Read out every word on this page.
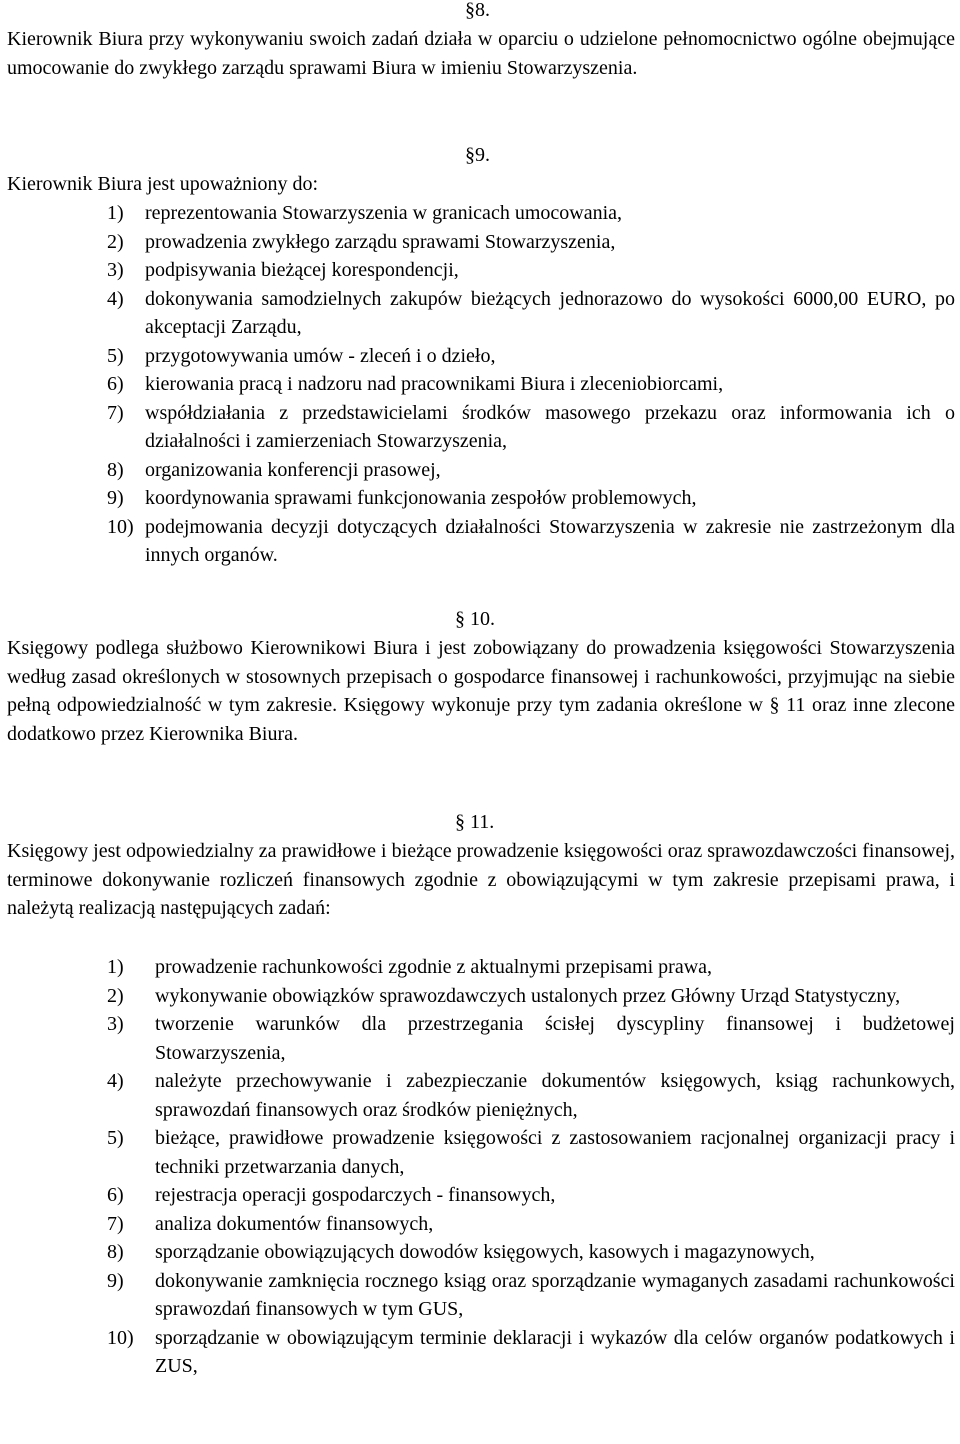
§8.
Kierownik Biura przy wykonywaniu swoich zadań działa w oparciu o udzielone pełnomocnictwo ogólne obejmujące umocowanie do zwykłego zarządu sprawami Biura w imieniu Stowarzyszenia.
§9.
Kierownik Biura jest upoważniony do:
1)	reprezentowania Stowarzyszenia w granicach umocowania,
2)	prowadzenia zwykłego zarządu sprawami Stowarzyszenia,
3)	podpisywania bieżącej korespondencji,
4)	dokonywania samodzielnych zakupów bieżących jednorazowo do wysokości 6000,00 EURO, po akceptacji Zarządu,
5)	przygotowywania umów - zleceń i o dzieło,
6)	kierowania pracą i nadzoru nad pracownikami Biura i zleceniobiorcami,
7)	współdziałania z przedstawicielami środków masowego przekazu oraz informowania ich o działalności i zamierzeniach Stowarzyszenia,
8)	organizowania konferencji prasowej,
9)	koordynowania sprawami funkcjonowania zespołów problemowych,
10) podejmowania decyzji dotyczących działalności Stowarzyszenia w zakresie nie zastrzeżonym dla innych organów.
§ 10.
Księgowy podlega służbowo Kierownikowi Biura i jest zobowiązany do prowadzenia księgowości Stowarzyszenia według zasad określonych w stosownych przepisach o gospodarce finansowej i rachunkowości, przyjmując na siebie pełną odpowiedzialność w tym zakresie. Księgowy wykonuje przy tym zadania określone w § 11 oraz inne zlecone dodatkowo przez Kierownika Biura.
§ 11.
Księgowy jest odpowiedzialny za prawidłowe i bieżące prowadzenie księgowości oraz sprawozdawczości finansowej, terminowe dokonywanie rozliczeń finansowych zgodnie z obowiązującymi w tym zakresie przepisami prawa, i należytą realizacją następujących zadań:
1)	prowadzenie rachunkowości zgodnie z aktualnymi przepisami prawa,
2)	wykonywanie obowiązków sprawozdawczych ustalonych przez Główny Urząd Statystyczny,
3)	tworzenie warunków dla przestrzegania ścisłej dyscypliny finansowej i budżetowej Stowarzyszenia,
4)	należyte przechowywanie i zabezpieczanie dokumentów księgowych, ksiąg rachunkowych, sprawozdań finansowych oraz środków pieniężnych,
5)	bieżące, prawidłowe prowadzenie księgowości z zastosowaniem racjonalnej organizacji pracy i techniki przetwarzania danych,
6)	rejestracja operacji gospodarczych - finansowych,
7)	analiza dokumentów finansowych,
8)	sporządzanie obowiązujących dowodów księgowych, kasowych i magazynowych,
9)	dokonywanie zamknięcia rocznego ksiąg oraz sporządzanie wymaganych zasadami rachunkowości sprawozdań finansowych w tym GUS,
10)	sporządzanie w obowiązującym terminie deklaracji i wykazów dla celów organów podatkowych i ZUS,
